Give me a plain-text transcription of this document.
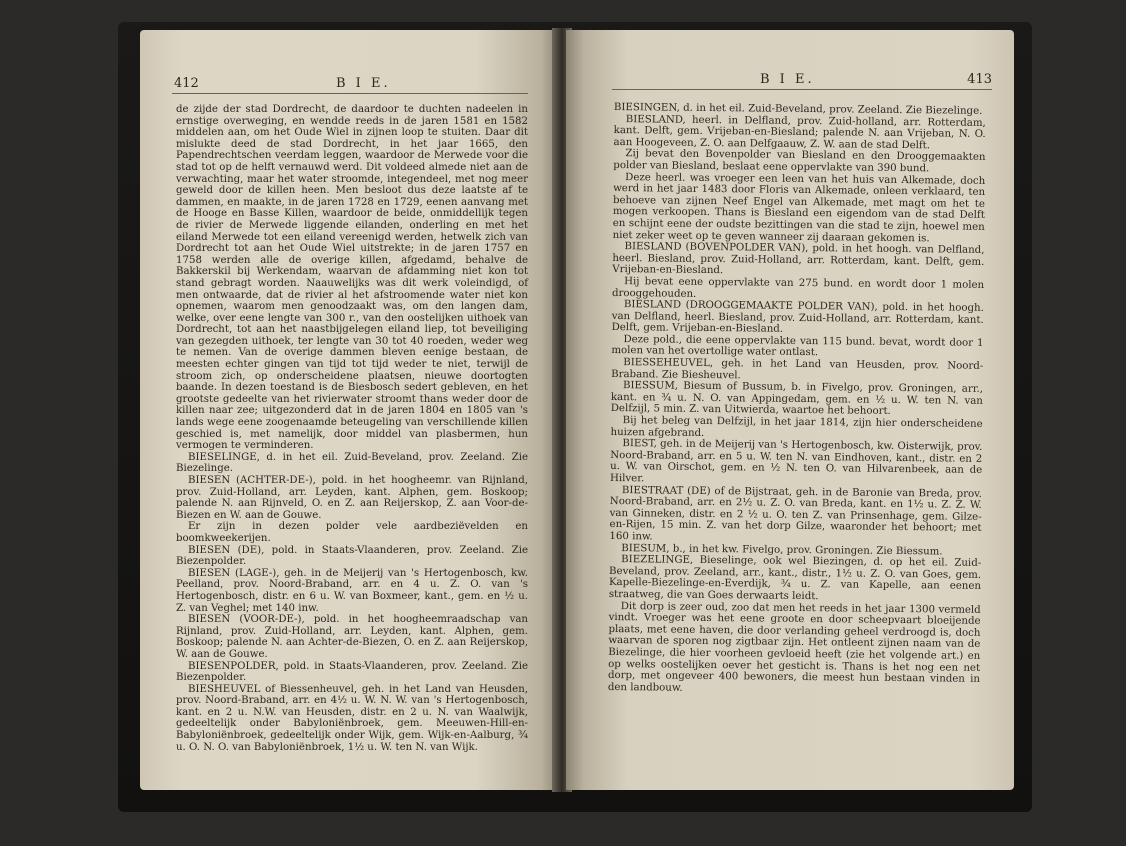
412	B I E.

de zijde der stad Dordrecht, de daardoor te duchten nadeelen in ernstige overweging, en wendde reeds in de jaren 1581 en 1582 middelen aan, om het Oude Wiel in zijnen loop te stuiten. Daar dit mislukte deed de stad Dordrecht, in het jaar 1665, den Papendrechtschen veerdam leggen, waardoor de Merwede voor die stad tot op de helft vernauwd werd. Dit voldeed almede niet aan de verwachting, maar het water stroomde, integendeel, met nog meer geweld door de killen heen. Men besloot dus deze laatste af te dammen, en maakte, in de jaren 1728 en 1729, eenen aanvang met de Hooge en Basse Killen, waardoor de beide, onmiddellijk tegen de rivier de Merwede liggende eilanden, onderling en met het eiland Merwede tot een eiland vereenigd werden, hetwelk zich van Dordrecht tot aan het Oude Wiel uitstrekte; in de jaren 1757 en 1758 werden alle de overige killen, afgedamd, behalve de Bakkerskil bij Werkendam, waarvan de afdamming niet kon tot stand gebragt worden. Naauwelijks was dit werk voleindigd, of men ontwaarde, dat de rivier al het afstroomende water niet kon opnemen, waarom men genoodzaakt was, om den langen dam, welke, over eene lengte van 300 r., van den oostelijken uithoek van Dordrecht, tot aan het naastbijgelegen eiland liep, tot beveiliging van gezegden uithoek, ter lengte van 30 tot 40 roeden, weder weg te nemen. Van de overige dammen bleven eenige bestaan, de meesten echter gingen van tijd tot tijd weder te niet, terwijl de stroom zich, op onderscheidene plaatsen, nieuwe doortogten baande. In dezen toestand is de Biesbosch sedert gebleven, en het grootste gedeelte van het rivierwater stroomt thans weder door de killen naar zee; uitgezonderd dat in de jaren 1804 en 1805 van 's lands wege eene zoogenaamde beteugeling van verschillende killen geschied is, met namelijk, door middel van plasbermen, hun vermogen te verminderen.

BIESELINGE, d. in het eil. Zuid-Beveland, prov. Zeeland. Zie Biezelinge.

BIESEN (ACHTER-DE-), pold. in het hoogheemr. van Rijnland, prov. Zuid-Holland, arr. Leyden, kant. Alphen, gem. Boskoop; palende N. aan Rijnveld, O. en Z. aan Reijerskop, Z. aan Voor-de-Biezen en W. aan de Gouwe.

Er zijn in dezen polder vele aardbeziëvelden en boomkweekerijen.

BIESEN (DE), pold. in Staats-Vlaanderen, prov. Zeeland. Zie Biezenpolder.

BIESEN (LAGE-), geh. in de Meijerij van 's Hertogenbosch, kw. Peelland, prov. Noord-Braband, arr. en 4 u. Z. O. van 's Hertogenbosch, distr. en 6 u. W. van Boxmeer, kant., gem. en ½ u. Z. van Veghel; met 140 inw.

BIESEN (VOOR-DE-), pold. in het hoogheemraadschap van Rijnland, prov. Zuid-Holland, arr. Leyden, kant. Alphen, gem. Boskoop; palende N. aan Achter-de-Biezen, O. en Z. aan Reijerskop, W. aan de Gouwe.

BIESENPOLDER, pold. in Staats-Vlaanderen, prov. Zeeland. Zie Biezenpolder.

BIESHEUVEL of Biessenheuvel, geh. in het Land van Heusden, prov. Noord-Braband, arr. en 4½ u. W. N. W. van 's Hertogenbosch, kant. en 2 u. N.W. van Heusden, distr. en 2 u. N. van Waalwijk, gedeeltelijk onder Babyloniënbroek, gem. Meeuwen-Hill-en-Babyloniënbroek, gedeeltelijk onder Wijk, gem. Wijk-en-Aalburg, ¾ u. O. N. O. van Babyloniënbroek, 1½ u. W. ten N. van Wijk.

B I E.	413

BIESINGEN, d. in het eil. Zuid-Beveland, prov. Zeeland. Zie Biezelinge.

BIESLAND, heerl. in Delfland, prov. Zuid-holland, arr. Rotterdam, kant. Delft, gem. Vrijeban-en-Biesland; palende N. aan Vrijeban, N. O. aan Hoogeveen, Z. O. aan Delfgaauw, Z. W. aan de stad Delft.

Zij bevat den Bovenpolder van Biesland en den Drooggemaakten polder van Biesland, beslaat eene oppervlakte van 390 bund.

Deze heerl. was vroeger een leen van het huis van Alkemade, doch werd in het jaar 1483 door Floris van Alkemade, onleen verklaard, ten behoeve van zijnen Neef Engel van Alkemade, met magt om het te mogen verkoopen. Thans is Biesland een eigendom van de stad Delft en schijnt eene der oudste bezittingen van die stad te zijn, hoewel men niet zeker weet op te geven wanneer zij daaraan gekomen is.

BIESLAND (BOVENPOLDER VAN), pold. in het hoogh. van Delfland, heerl. Biesland, prov. Zuid-Holland, arr. Rotterdam, kant. Delft, gem. Vrijeban-en-Biesland.

Hij bevat eene oppervlakte van 275 bund. en wordt door 1 molen drooggehouden.

BIESLAND (DROOGGEMAAKTE POLDER VAN), pold. in het hoogh. van Delfland, heerl. Biesland, prov. Zuid-Holland, arr. Rotterdam, kant. Delft, gem. Vrijeban-en-Biesland.

Deze pold., die eene oppervlakte van 115 bund. bevat, wordt door 1 molen van het overtollige water ontlast.

BIESSEHEUVEL, geh. in het Land van Heusden, prov. Noord-Braband. Zie Biesheuvel.

BIESSUM, Biesum of Bussum, b. in Fivelgo, prov. Groningen, arr., kant. en ¾ u. N. O. van Appingedam, gem. en ½ u. W. ten N. van Delfzijl, 5 min. Z. van Uitwierda, waartoe het behoort.

Bij het beleg van Delfzijl, in het jaar 1814, zijn hier onderscheidene huizen afgebrand.

BIEST, geh. in de Meijerij van 's Hertogenbosch, kw. Oisterwijk, prov. Noord-Braband, arr. en 5 u. W. ten N. van Eindhoven, kant., distr. en 2 u. W. van Oirschot, gem. en ½ N. ten O. van Hilvarenbeek, aan de Hilver.

BIESTRAAT (DE) of de Bijstraat, geh. in de Baronie van Breda, prov. Noord-Braband, arr. en 2½ u. Z. O. van Breda, kant. en 1½ u. Z. Z. W. van Ginneken, distr. en 2 ½ u. O. ten Z. van Prinsenhage, gem. Gilze-en-Rijen, 15 min. Z. van het dorp Gilze, waaronder het behoort; met 160 inw.

BIESUM, b., in het kw. Fivelgo, prov. Groningen. Zie Biessum.

BIEZELINGE, Bieselinge, ook wel Biezingen, d. op het eil. Zuid-Beveland, prov. Zeeland, arr., kant., distr., 1½ u. Z. O. van Goes, gem. Kapelle-Biezelinge-en-Everdijk, ¾ u. Z. van Kapelle, aan eenen straatweg, die van Goes derwaarts leidt.

Dit dorp is zeer oud, zoo dat men het reeds in het jaar 1300 vermeld vindt. Vroeger was het eene groote en door scheepvaart bloeijende plaats, met eene haven, die door verlanding geheel verdroogd is, doch waarvan de sporen nog zigtbaar zijn. Het ontleent zijnen naam van de Biezelinge, die hier voorheen gevloeid heeft (zie het volgende art.) en op welks oostelijken oever het gesticht is. Thans is het nog een net dorp, met ongeveer 400 bewoners, die meest hun bestaan vinden in den landbouw.
